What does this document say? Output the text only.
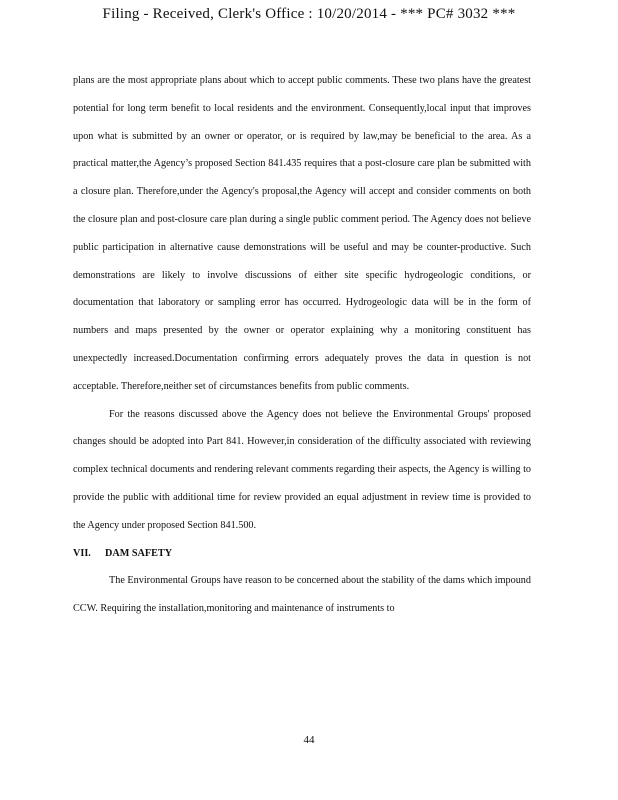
Filing - Received, Clerk's Office : 10/20/2014 - *** PC# 3032 ***

plans are the most appropriate plans about which to accept public comments. These two plans have the greatest potential for long term benefit to local residents and the environment. Consequently,local input that improves upon what is submitted by an owner or operator, or is required by law,may be beneficial to the area. As a practical matter,the Agency’s proposed Section 841.435 requires that a post-closure care plan be submitted with a closure plan. Therefore,under the Agency's proposal,the Agency will accept and consider comments on both the closure plan and post-closure care plan during a single public comment period. The Agency does not believe public participation in alternative cause demonstrations will be useful and may be counter-productive. Such demonstrations are likely to involve discussions of either site specific hydrogeologic conditions, or documentation that laboratory or sampling error has occurred. Hydrogeologic data will be in the form of numbers and maps presented by the owner or operator explaining why a monitoring constituent has unexpectedly increased.Documentation confirming errors adequately proves the data in question is not acceptable. Therefore,neither set of circumstances benefits from public comments.

For the reasons discussed above the Agency does not believe the Environmental Groups' proposed changes should be adopted into Part 841. However,in consideration of the difficulty associated with reviewing complex technical documents and rendering relevant comments regarding their aspects, the Agency is willing to provide the public with additional time for review provided an equal adjustment in review time is provided to the Agency under proposed Section 841.500.

VII. DAM SAFETY

The Environmental Groups have reason to be concerned about the stability of the dams which impound CCW. Requiring the installation,monitoring and maintenance of instruments to

44
